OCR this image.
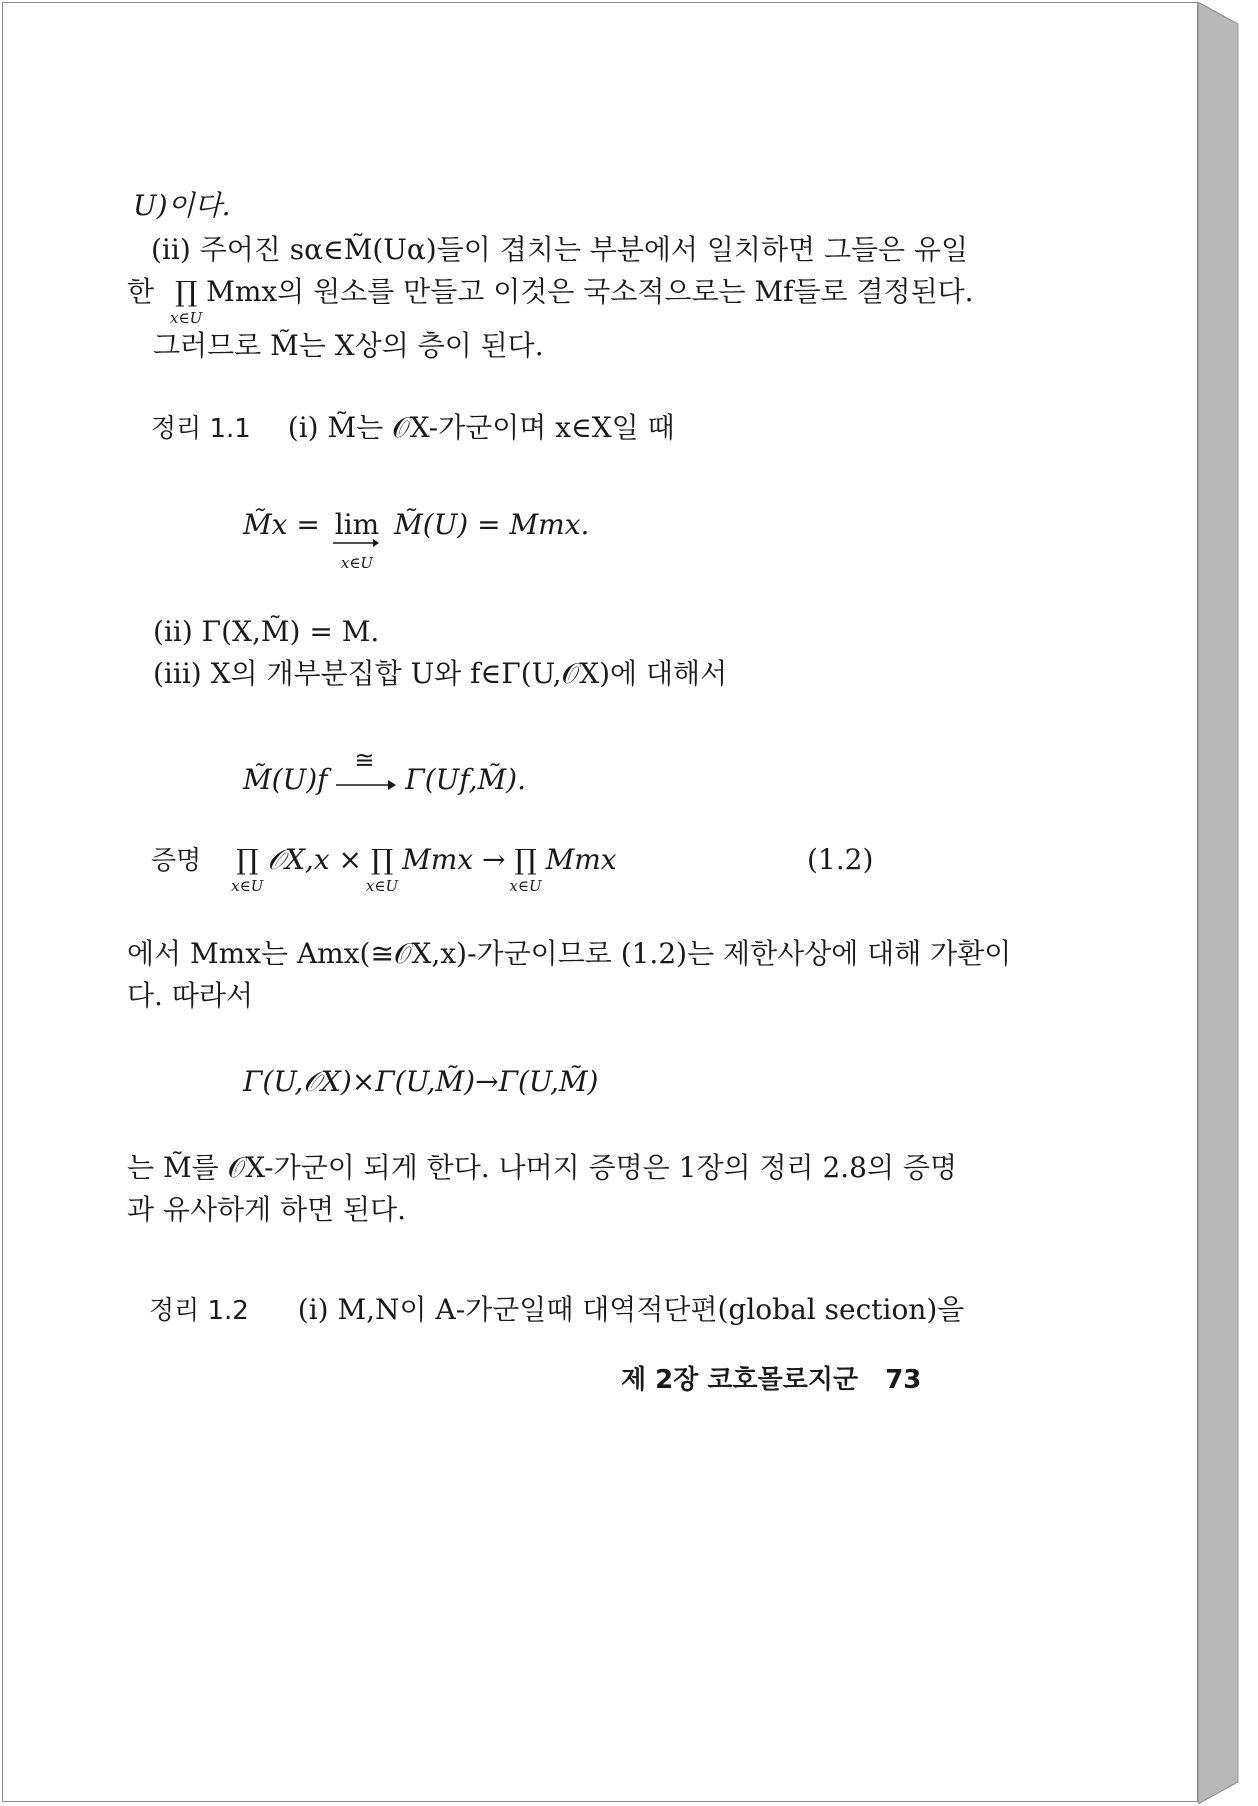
U)이다.
(ii) 주어진 sα∈M̃(Uα)들이 겹치는 부분에서 일치하면 그들은 유일
한 ∏
x∈U
Mmx의 원소를 만들고 이것은 국소적으로는 Mf들로 결정된다.
그러므로 M̃는 X상의 층이 된다.
정리 1.1 (i) M̃는 𝒪X-가군이며 x∈X일 때
M̃x = lim
x∈U
M̃(U) = Mmx.
(ii) Γ(X,M̃) = M.
(iii) X의 개부분집합 U와 f∈Γ(U,𝒪X)에 대해서
M̃(U)f
≅
Γ(Uf,M̃).
증명 ∏
x∈U
𝒪X,x × ∏
x∈U
Mmx → ∏
x∈U
Mmx	(1.2)
에서 Mmx는 Amx(≅𝒪X,x)-가군이므로 (1.2)는 제한사상에 대해 가환이
다. 따라서
Γ(U,𝒪X)×Γ(U,M̃)→Γ(U,M̃)
는 M̃를 𝒪X-가군이 되게 한다. 나머지 증명은 1장의 정리 2.8의 증명
과 유사하게 하면 된다.
정리 1.2 (i) M,N이 A-가군일때 대역적단편(global section)을
제 2장 코호몰로지군 73
